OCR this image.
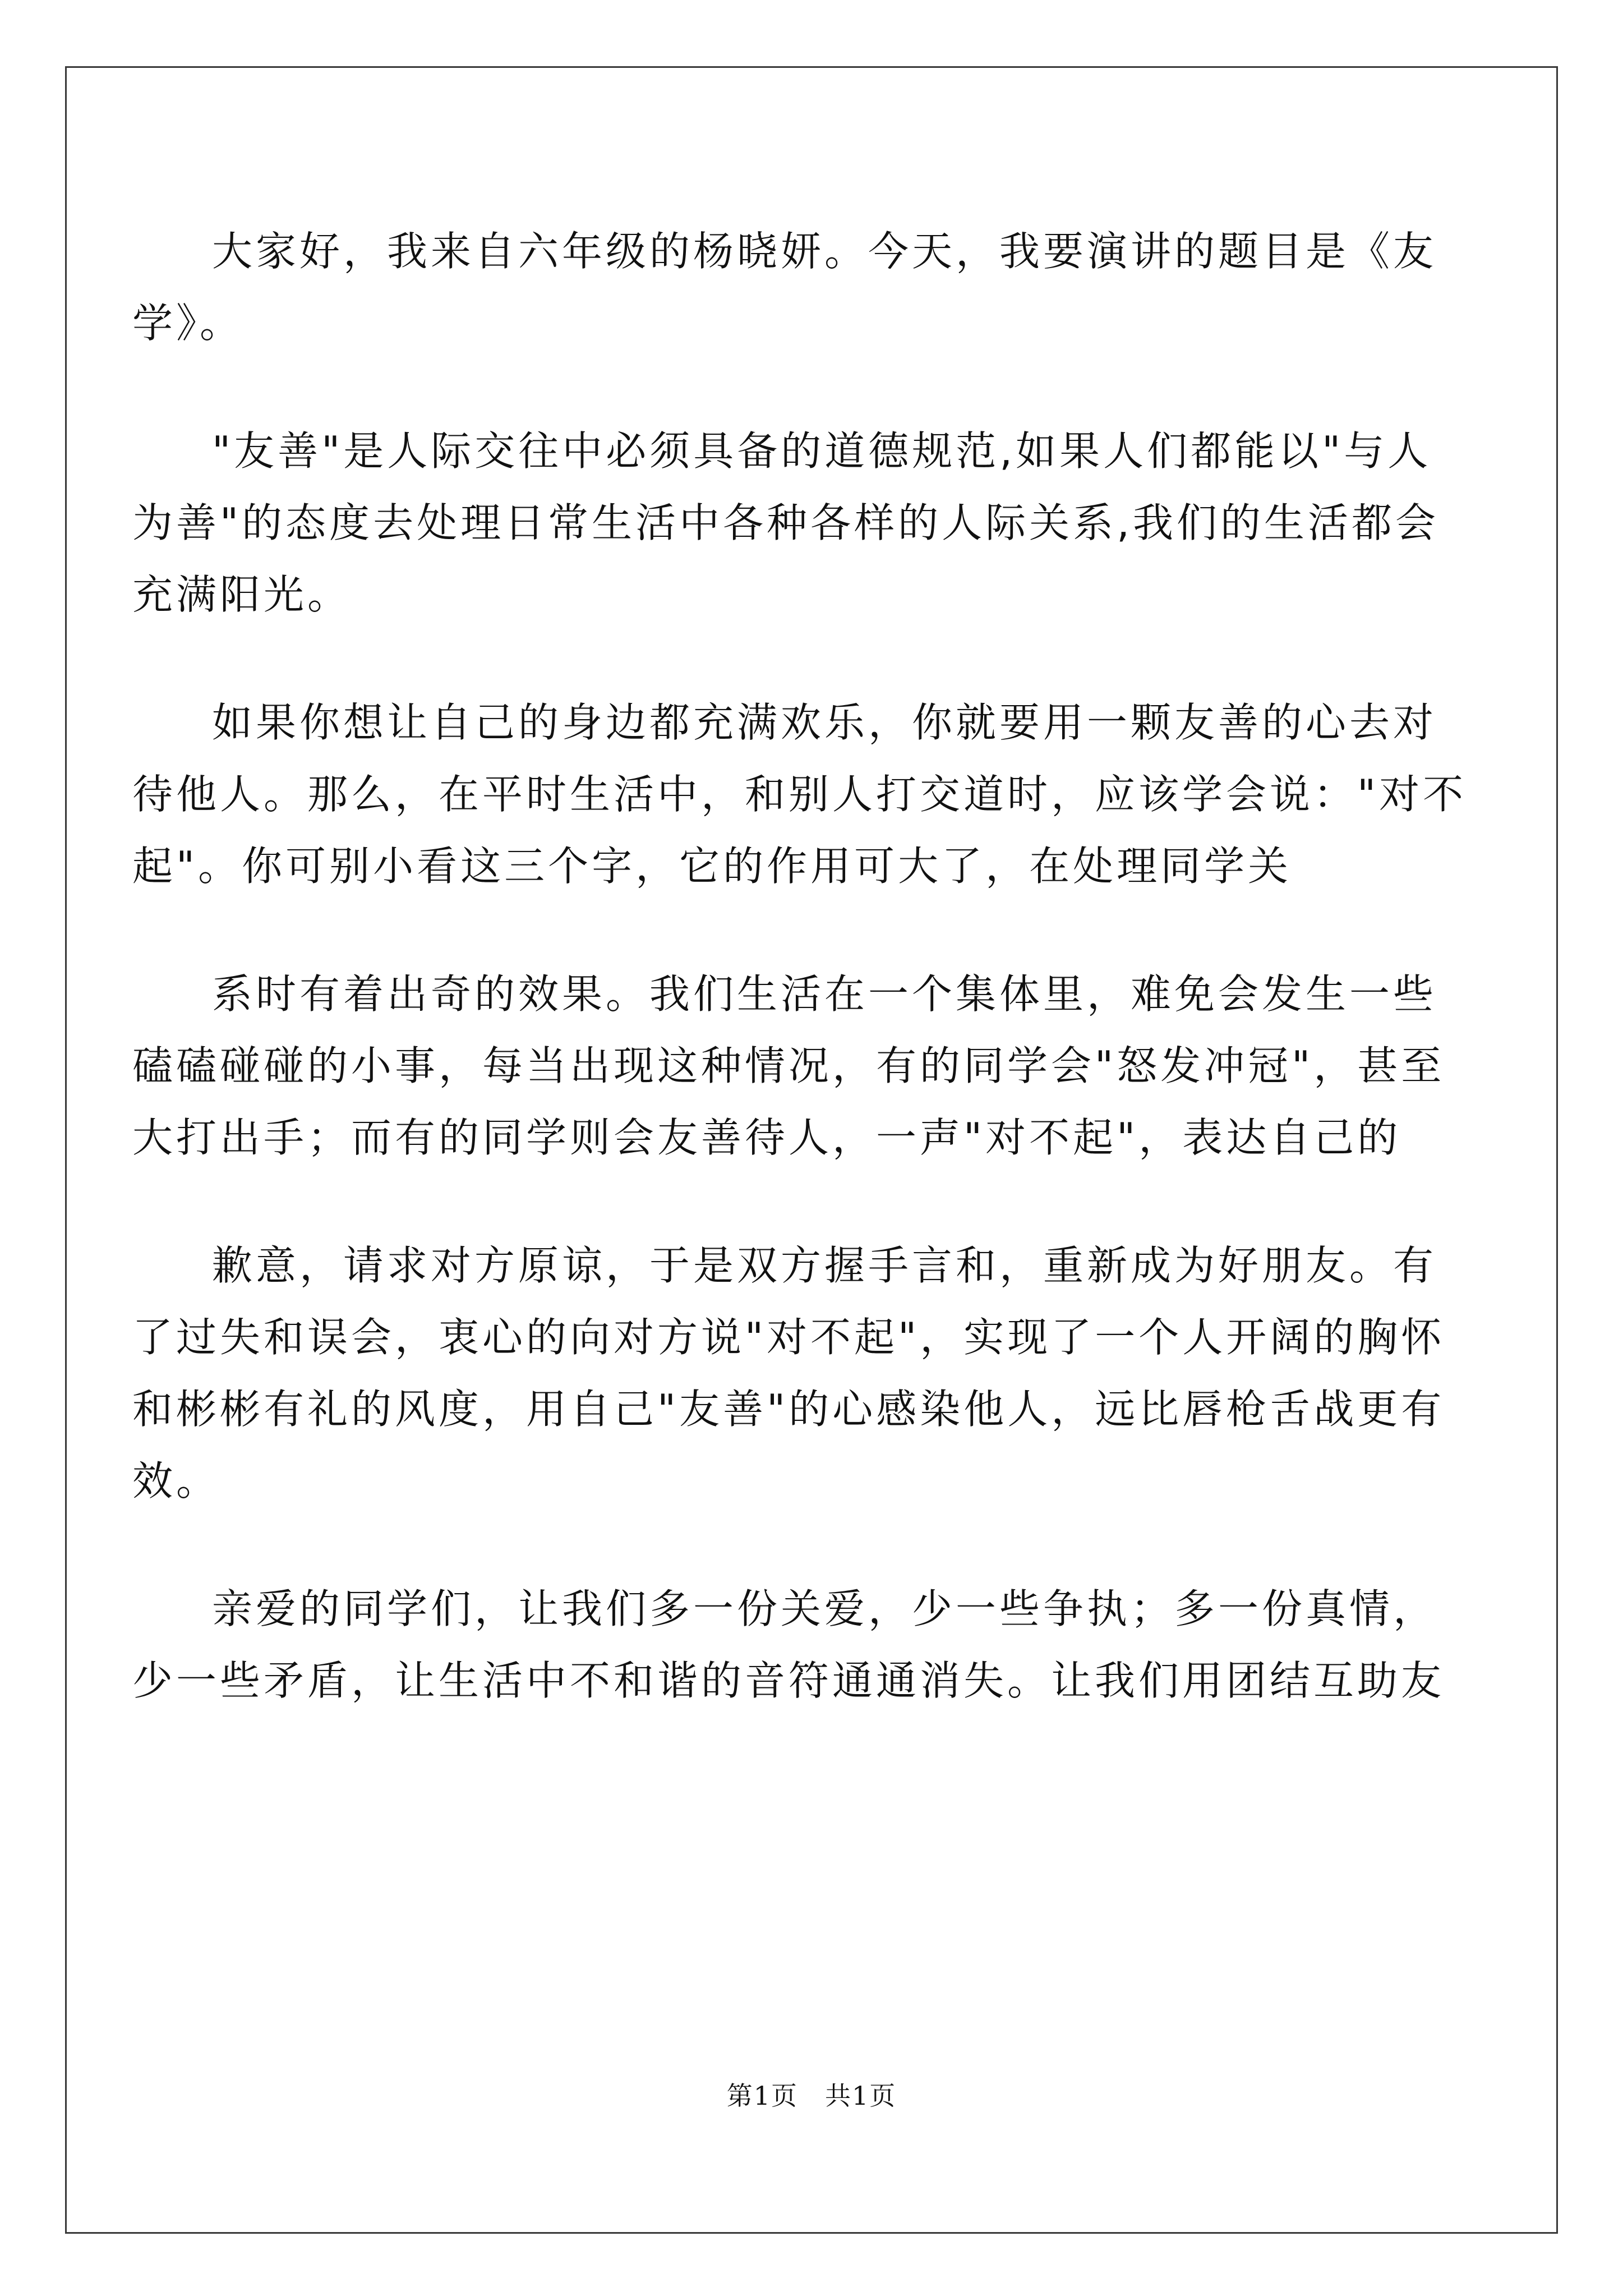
大家好，我来自六年级的杨晓妍。今天，我要演讲的题目是《友
学》。
"友善"是人际交往中必须具备的道德规范,如果人们都能以"与人
为善"的态度去处理日常生活中各种各样的人际关系,我们的生活都会
充满阳光。
如果你想让自己的身边都充满欢乐，你就要用一颗友善的心去对
待他人。那么，在平时生活中，和别人打交道时，应该学会说："对不
起"。你可别小看这三个字，它的作用可大了，在处理同学关
系时有着出奇的效果。我们生活在一个集体里，难免会发生一些
磕磕碰碰的小事，每当出现这种情况，有的同学会"怒发冲冠"，甚至
大打出手；而有的同学则会友善待人，一声"对不起"，表达自己的
歉意，请求对方原谅，于是双方握手言和，重新成为好朋友。有
了过失和误会，衷心的向对方说"对不起"，实现了一个人开阔的胸怀
和彬彬有礼的风度，用自己"友善"的心感染他人，远比唇枪舌战更有
效。
亲爱的同学们，让我们多一份关爱，少一些争执；多一份真情，
少一些矛盾，让生活中不和谐的音符通通消失。让我们用团结互助友
第1页　共1页
